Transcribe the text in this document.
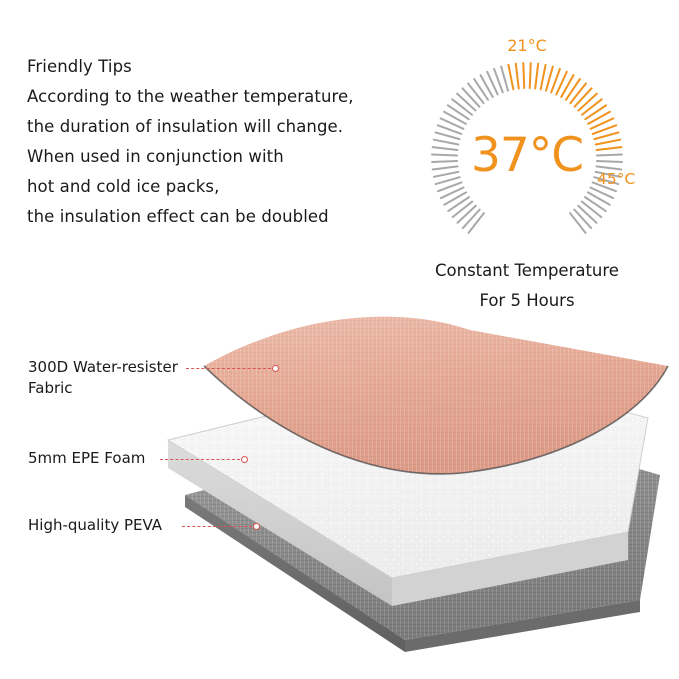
Friendly Tips
According to the weather temperature,
the duration of insulation will change.
When used in conjunction with
hot and cold ice packs,
the insulation effect can be doubled
21°C
45°C
37°C
Constant Temperature
For 5 Hours
300D Water-resister
Fabric
5mm EPE Foam
High-quality PEVA
